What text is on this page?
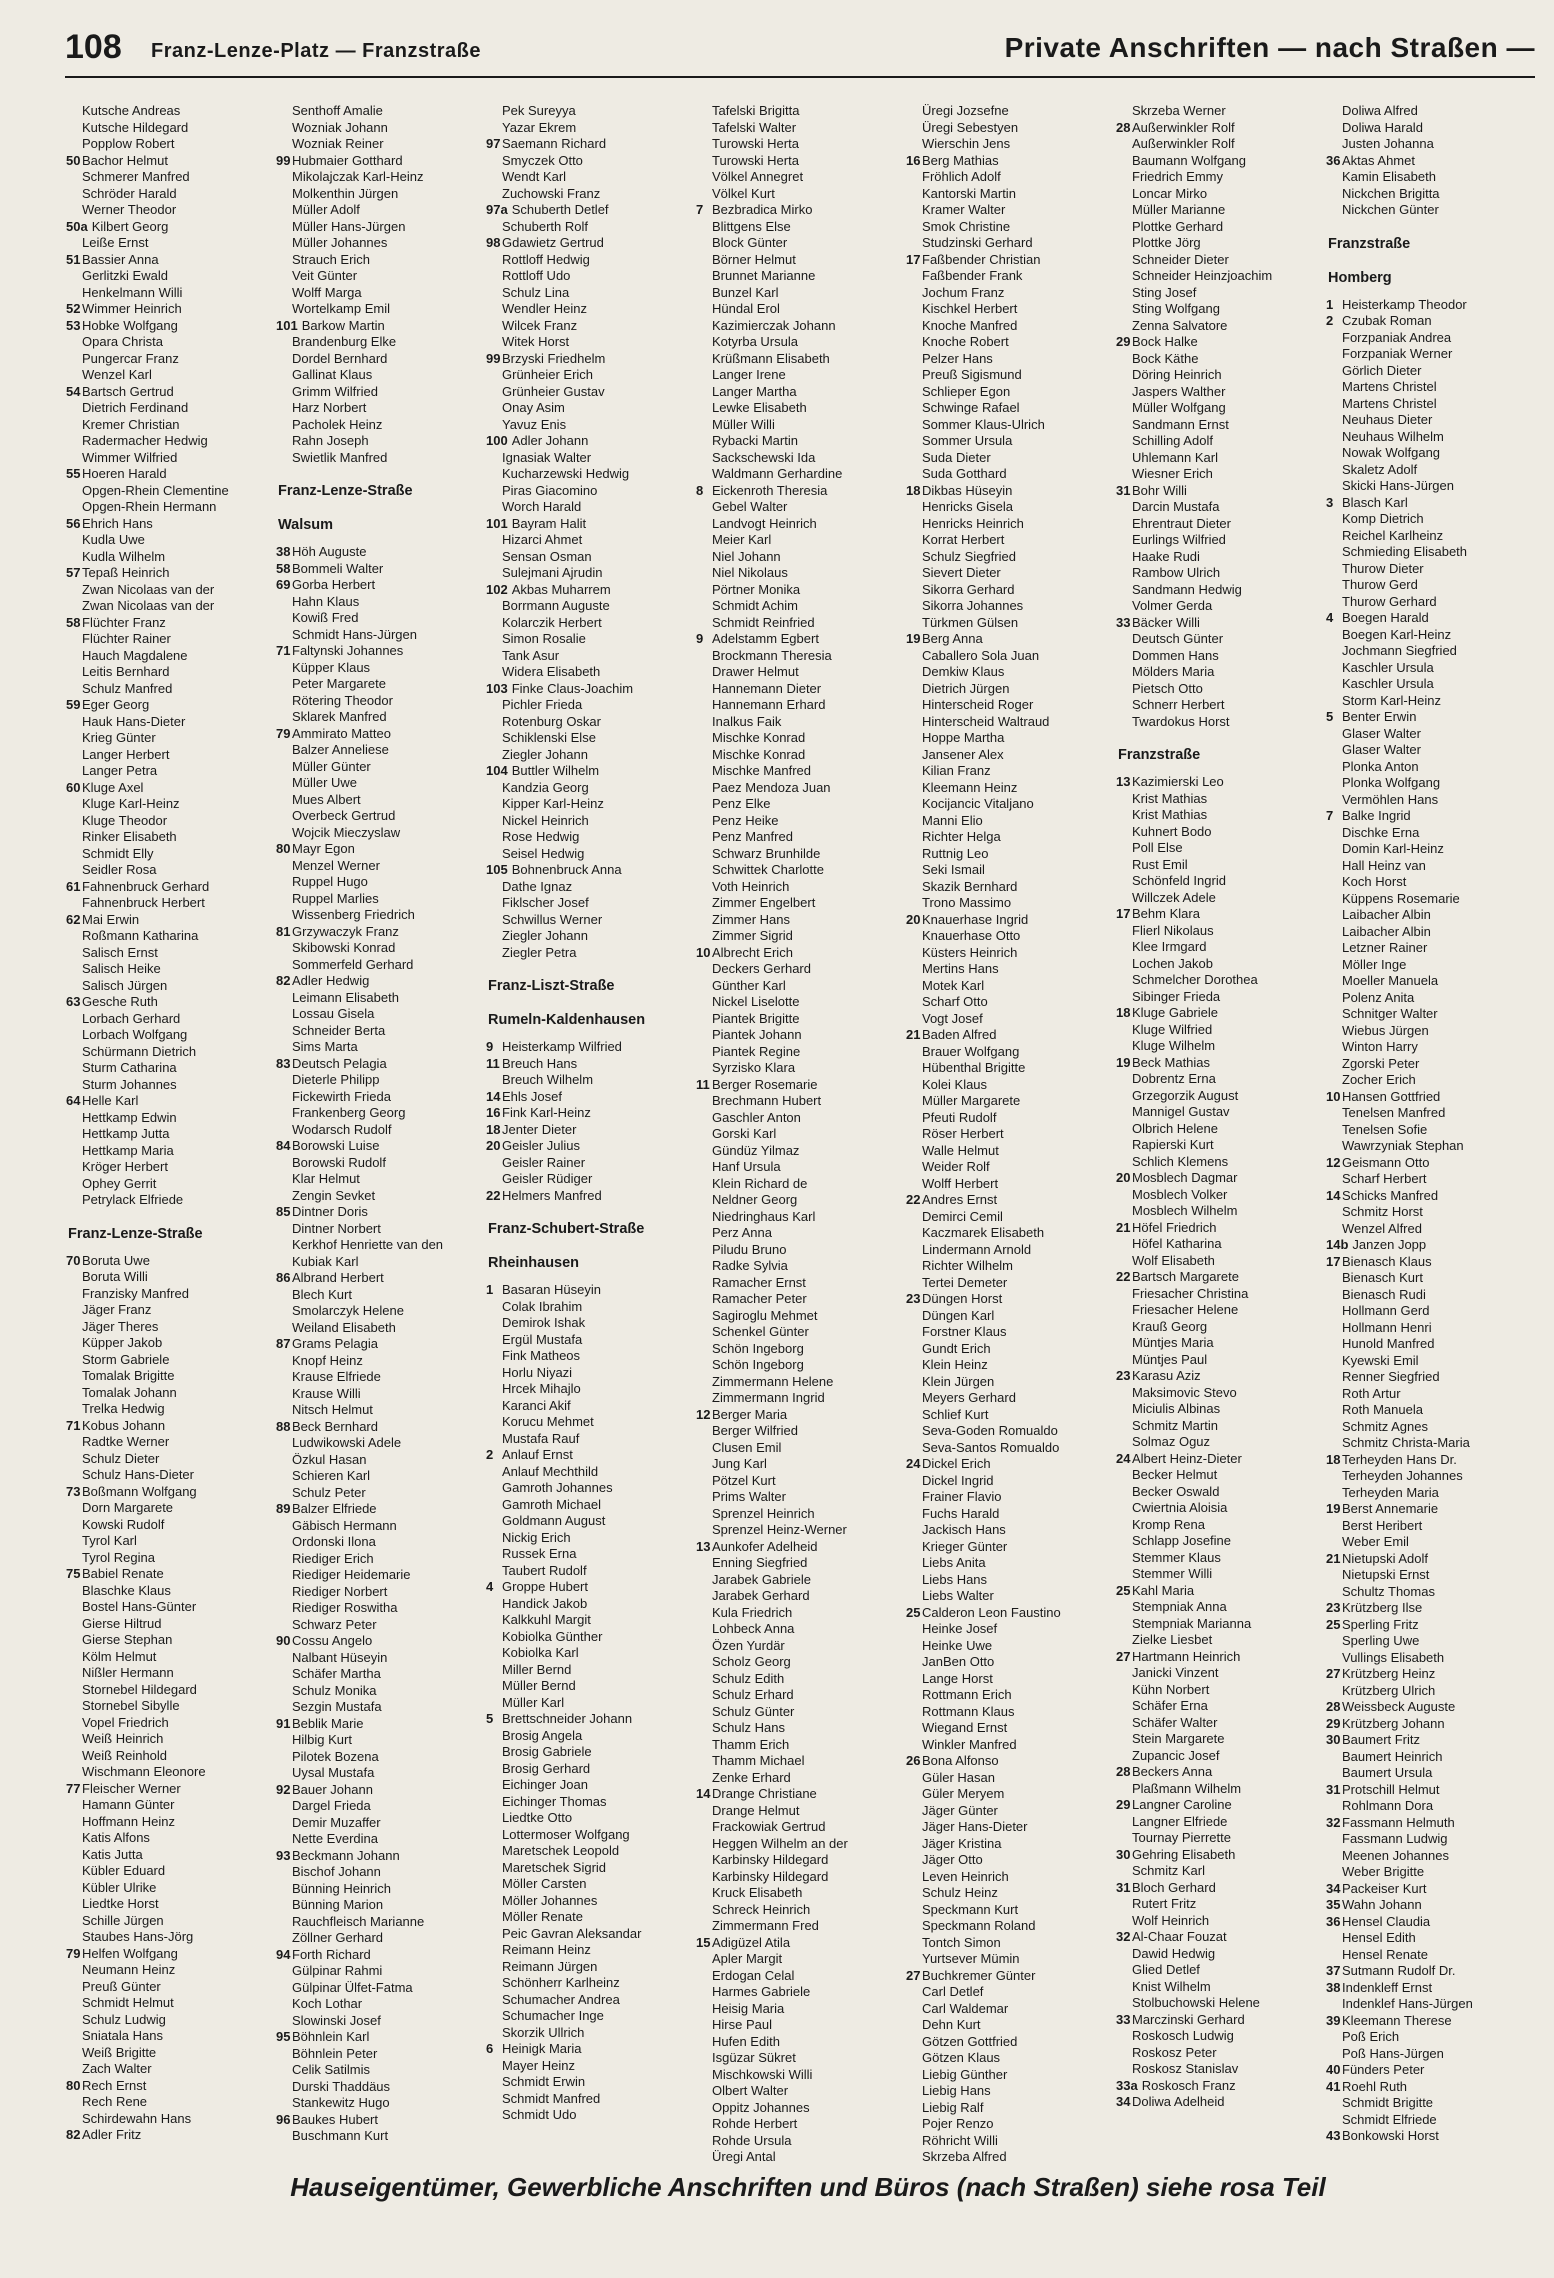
108 Franz-Lenze-Platz — Franzstraße	Private Anschriften — nach Straßen —
Kutsche Andreas
Kutsche Hildegard
Popplow Robert
50 Bachor Helmut
Schmerer Manfred
Schröder Harald
Werner Theodor
50a Kilbert Georg
Leiße Ernst
51 Bassier Anna
Gerlitzki Ewald
Henkelmann Willi
52 Wimmer Heinrich
53 Hobke Wolfgang
Opara Christa
Pungercar Franz
Wenzel Karl
54 Bartsch Gertrud
Dietrich Ferdinand
Kremer Christian
Radermacher Hedwig
Wimmer Wilfried
55 Hoeren Harald
Opgen-Rhein Clementine
Opgen-Rhein Hermann
56 Ehrich Hans
Kudla Uwe
Kudla Wilhelm
57 Tepaß Heinrich
Zwan Nicolaas van der
Zwan Nicolaas van der
58 Flüchter Franz
Flüchter Rainer
Hauch Magdalene
Leitis Bernhard
Schulz Manfred
59 Eger Georg
Hauk Hans-Dieter
Krieg Günter
Langer Herbert
Langer Petra
60 Kluge Axel
Kluge Karl-Heinz
Kluge Theodor
Rinker Elisabeth
Schmidt Elly
Seidler Rosa
61 Fahnenbruck Gerhard
Fahnenbruck Herbert
62 Mai Erwin
Roßmann Katharina
Salisch Ernst
Salisch Heike
Salisch Jürgen
63 Gesche Ruth
Lorbach Gerhard
Lorbach Wolfgang
Schürmann Dietrich
Sturm Catharina
Sturm Johannes
64 Helle Karl
Hettkamp Edwin
Hettkamp Jutta
Hettkamp Maria
Kröger Herbert
Ophey Gerrit
Petrylack Elfriede
Franz-Lenze-Straße
70 Boruta Uwe
Boruta Willi
Franzisky Manfred
Jäger Franz
Jäger Theres
Küpper Jakob
Storm Gabriele
Tomalak Brigitte
Tomalak Johann
Trelka Hedwig
71 Kobus Johann
Radtke Werner
Schulz Dieter
Schulz Hans-Dieter
73 Boßmann Wolfgang
Dorn Margarete
Kowski Rudolf
Tyrol Karl
Tyrol Regina
75 Babiel Renate
Blaschke Klaus
Bostel Hans-Günter
Gierse Hiltrud
Gierse Stephan
Kölm Helmut
Nißler Hermann
Stornebel Hildegard
Stornebel Sibylle
Vopel Friedrich
Weiß Heinrich
Weiß Reinhold
Wischmann Eleonore
77 Fleischer Werner
Hamann Günter
Hoffmann Heinz
Katis Alfons
Katis Jutta
Kübler Eduard
Kübler Ulrike
Liedtke Horst
Schille Jürgen
Staubes Hans-Jörg
79 Helfen Wolfgang
Neumann Heinz
Preuß Günter
Schmidt Helmut
Schulz Ludwig
Sniatala Hans
Weiß Brigitte
Zach Walter
80 Rech Ernst
Rech Rene
Schirdewahn Hans
82 Adler Fritz
Senthoff Amalie
Wozniak Johann
Wozniak Reiner
99 Hubmaier Gotthard
Mikolajczak Karl-Heinz
Molkenthin Jürgen
Müller Adolf
Müller Hans-Jürgen
Müller Johannes
Strauch Erich
Veit Günter
Wolff Marga
Wortelkamp Emil
101 Barkow Martin
Brandenburg Elke
Dordel Bernhard
Gallinat Klaus
Grimm Wilfried
Harz Norbert
Pacholek Heinz
Rahn Joseph
Swietlik Manfred
Franz-Lenze-Straße
Walsum
38 Höh Auguste
58 Bommeli Walter
69 Gorba Herbert
Hahn Klaus
Kowiß Fred
Schmidt Hans-Jürgen
71 Faltynski Johannes
Küpper Klaus
Peter Margarete
Rötering Theodor
Sklarek Manfred
79 Ammirato Matteo
Balzer Anneliese
Müller Günter
Müller Uwe
Mues Albert
Overbeck Gertrud
Wojcik Mieczyslaw
80 Mayr Egon
Menzel Werner
Ruppel Hugo
Ruppel Marlies
Wissenberg Friedrich
81 Grzywaczyk Franz
Skibowski Konrad
Sommerfeld Gerhard
82 Adler Hedwig
Leimann Elisabeth
Lossau Gisela
Schneider Berta
Sims Marta
83 Deutsch Pelagia
Dieterle Philipp
Fickewirth Frieda
Frankenberg Georg
Wodarsch Rudolf
84 Borowski Luise
Borowski Rudolf
Klar Helmut
Zengin Sevket
85 Dintner Doris
Dintner Norbert
Kerkhof Henriette van den
Kubiak Karl
86 Albrand Herbert
Blech Kurt
Smolarczyk Helene
Weiland Elisabeth
87 Grams Pelagia
Knopf Heinz
Krause Elfriede
Krause Willi
Nitsch Helmut
88 Beck Bernhard
Ludwikowski Adele
Özkul Hasan
Schieren Karl
Schulz Peter
89 Balzer Elfriede
Gäbisch Hermann
Ordonski Ilona
Riediger Erich
Riediger Heidemarie
Riediger Norbert
Riediger Roswitha
Schwarz Peter
90 Cossu Angelo
Nalbant Hüseyin
Schäfer Martha
Schulz Monika
Sezgin Mustafa
91 Beblik Marie
Hilbig Kurt
Pilotek Bozena
Uysal Mustafa
92 Bauer Johann
Dargel Frieda
Demir Muzaffer
Nette Everdina
93 Beckmann Johann
Bischof Johann
Bünning Heinrich
Bünning Marion
Rauchfleisch Marianne
Zöllner Gerhard
94 Forth Richard
Gülpinar Rahmi
Gülpinar Ülfet-Fatma
Koch Lothar
Slowinski Josef
95 Böhnlein Karl
Böhnlein Peter
Celik Satilmis
Durski Thaddäus
Stankewitz Hugo
96 Baukes Hubert
Buschmann Kurt
Pek Sureyya
Yazar Ekrem
97 Saemann Richard
Smyczek Otto
Wendt Karl
Zuchowski Franz
97a Schuberth Detlef
Schuberth Rolf
98 Gdawietz Gertrud
Rottloff Hedwig
Rottloff Udo
Schulz Lina
Wendler Heinz
Wilcek Franz
Witek Horst
99 Brzyski Friedhelm
Grünheier Erich
Grünheier Gustav
Onay Asim
Yavuz Enis
100 Adler Johann
Ignasiak Walter
Kucharzewski Hedwig
Piras Giacomino
Worch Harald
101 Bayram Halit
Hizarci Ahmet
Sensan Osman
Sulejmani Ajrudin
102 Akbas Muharrem
Borrmann Auguste
Kolarczik Herbert
Simon Rosalie
Tank Asur
Widera Elisabeth
103 Finke Claus-Joachim
Pichler Frieda
Rotenburg Oskar
Schiklenski Else
Ziegler Johann
104 Buttler Wilhelm
Kandzia Georg
Kipper Karl-Heinz
Nickel Heinrich
Rose Hedwig
Seisel Hedwig
105 Bohnenbruck Anna
Dathe Ignaz
Fiklscher Josef
Schwillus Werner
Ziegler Johann
Ziegler Petra
Franz-Liszt-Straße
Rumeln-Kaldenhausen
9 Heisterkamp Wilfried
11 Breuch Hans
Breuch Wilhelm
14 Ehls Josef
16 Fink Karl-Heinz
18 Jenter Dieter
20 Geisler Julius
Geisler Rainer
Geisler Rüdiger
22 Helmers Manfred
Franz-Schubert-Straße
Rheinhausen
1 Basaran Hüseyin
Colak Ibrahim
Demirok Ishak
Ergül Mustafa
Fink Matheos
Horlu Niyazi
Hrcek Mihajlo
Karanci Akif
Korucu Mehmet
Mustafa Rauf
2 Anlauf Ernst
Anlauf Mechthild
Gamroth Johannes
Gamroth Michael
Goldmann August
Nickig Erich
Russek Erna
Taubert Rudolf
4 Groppe Hubert
Handick Jakob
Kalkkuhl Margit
Kobiolka Günther
Kobiolka Karl
Miller Bernd
Müller Bernd
Müller Karl
5 Brettschneider Johann
Brosig Angela
Brosig Gabriele
Brosig Gerhard
Eichinger Joan
Eichinger Thomas
Liedtke Otto
Lottermoser Wolfgang
Maretschek Leopold
Maretschek Sigrid
Möller Carsten
Möller Johannes
Möller Renate
Peic Gavran Aleksandar
Reimann Heinz
Reimann Jürgen
Schönherr Karlheinz
Schumacher Andrea
Schumacher Inge
Skorzik Ullrich
6 Heinigk Maria
Mayer Heinz
Schmidt Erwin
Schmidt Manfred
Schmidt Udo
Tafelski Brigitta
Tafelski Walter
Turowski Herta
Turowski Herta
Völkel Annegret
Völkel Kurt
7 Bezbradica Mirko
Blittgens Else
Block Günter
Börner Helmut
Brunnet Marianne
Bunzel Karl
Hündal Erol
Kazimierczak Johann
Kotyrba Ursula
Krüßmann Elisabeth
Langer Irene
Langer Martha
Lewke Elisabeth
Müller Willi
Rybacki Martin
Sackschewski Ida
Waldmann Gerhardine
8 Eickenroth Theresia
Gebel Walter
Landvogt Heinrich
Meier Karl
Niel Johann
Niel Nikolaus
Pörtner Monika
Schmidt Achim
Schmidt Reinfried
9 Adelstamm Egbert
Brockmann Theresia
Drawer Helmut
Hannemann Dieter
Hannemann Erhard
Inalkus Faik
Mischke Konrad
Mischke Konrad
Mischke Manfred
Paez Mendoza Juan
Penz Elke
Penz Heike
Penz Manfred
Schwarz Brunhilde
Schwittek Charlotte
Voth Heinrich
Zimmer Engelbert
Zimmer Hans
Zimmer Sigrid
10 Albrecht Erich
Deckers Gerhard
Günther Karl
Nickel Liselotte
Piantek Brigitte
Piantek Johann
Piantek Regine
Syrzisko Klara
11 Berger Rosemarie
Brechmann Hubert
Gaschler Anton
Gorski Karl
Gündüz Yilmaz
Hanf Ursula
Klein Richard de
Neldner Georg
Niedringhaus Karl
Perz Anna
Piludu Bruno
Radke Sylvia
Ramacher Ernst
Ramacher Peter
Sagiroglu Mehmet
Schenkel Günter
Schön Ingeborg
Schön Ingeborg
Zimmermann Helene
Zimmermann Ingrid
12 Berger Maria
Berger Wilfried
Clusen Emil
Jung Karl
Pötzel Kurt
Prims Walter
Sprenzel Heinrich
Sprenzel Heinz-Werner
13 Aunkofer Adelheid
Enning Siegfried
Jarabek Gabriele
Jarabek Gerhard
Kula Friedrich
Lohbeck Anna
Özen Yurdär
Scholz Georg
Schulz Edith
Schulz Erhard
Schulz Günter
Schulz Hans
Thamm Erich
Thamm Michael
Zenke Erhard
14 Drange Christiane
Drange Helmut
Frackowiak Gertrud
Heggen Wilhelm an der
Karbinsky Hildegard
Karbinsky Hildegard
Kruck Elisabeth
Schreck Heinrich
Zimmermann Fred
15 Adigüzel Atila
Apler Margit
Erdogan Celal
Harmes Gabriele
Heisig Maria
Hirse Paul
Hufen Edith
Isgüzar Sükret
Mischkowski Willi
Olbert Walter
Oppitz Johannes
Rohde Herbert
Rohde Ursula
Üregi Antal
Üregi Jozsefne
Üregi Sebestyen
Wierschin Jens
16 Berg Mathias
Fröhlich Adolf
Kantorski Martin
Kramer Walter
Smok Christine
Studzinski Gerhard
17 Faßbender Christian
Faßbender Frank
Jochum Franz
Kischkel Herbert
Knoche Manfred
Knoche Robert
Pelzer Hans
Preuß Sigismund
Schlieper Egon
Schwinge Rafael
Sommer Klaus-Ulrich
Sommer Ursula
Suda Dieter
Suda Gotthard
18 Dikbas Hüseyin
Henricks Gisela
Henricks Heinrich
Korrat Herbert
Schulz Siegfried
Sievert Dieter
Sikorra Gerhard
Sikorra Johannes
Türkmen Gülsen
19 Berg Anna
Caballero Sola Juan
Demkiw Klaus
Dietrich Jürgen
Hinterscheid Roger
Hinterscheid Waltraud
Hoppe Martha
Jansener Alex
Kilian Franz
Kleemann Heinz
Kocijancic Vitaljano
Manni Elio
Richter Helga
Ruttnig Leo
Seki Ismail
Skazik Bernhard
Trono Massimo
20 Knauerhase Ingrid
Knauerhase Otto
Küsters Heinrich
Mertins Hans
Motek Karl
Scharf Otto
Vogt Josef
21 Baden Alfred
Brauer Wolfgang
Hübenthal Brigitte
Kolei Klaus
Müller Margarete
Pfeuti Rudolf
Röser Herbert
Walle Helmut
Weider Rolf
Wolff Herbert
22 Andres Ernst
Demirci Cemil
Kaczmarek Elisabeth
Lindermann Arnold
Richter Wilhelm
Tertei Demeter
23 Düngen Horst
Düngen Karl
Forstner Klaus
Gundt Erich
Klein Heinz
Klein Jürgen
Meyers Gerhard
Schlief Kurt
Seva-Goden Romualdo
Seva-Santos Romualdo
24 Dickel Erich
Dickel Ingrid
Frainer Flavio
Fuchs Harald
Jackisch Hans
Krieger Günter
Liebs Anita
Liebs Hans
Liebs Walter
25 Calderon Leon Faustino
Heinke Josef
Heinke Uwe
JanBen Otto
Lange Horst
Rottmann Erich
Rottmann Klaus
Wiegand Ernst
Winkler Manfred
26 Bona Alfonso
Güler Hasan
Güler Meryem
Jäger Günter
Jäger Hans-Dieter
Jäger Kristina
Jäger Otto
Leven Heinrich
Schulz Heinz
Speckmann Kurt
Speckmann Roland
Tontch Simon
Yurtsever Mümin
27 Buchkremer Günter
Carl Detlef
Carl Waldemar
Dehn Kurt
Götzen Gottfried
Götzen Klaus
Liebig Günther
Liebig Hans
Liebig Ralf
Pojer Renzo
Röhricht Willi
Skrzeba Alfred
Skrzeba Werner
28 Außerwinkler Rolf
Außerwinkler Rolf
Baumann Wolfgang
Friedrich Emmy
Loncar Mirko
Müller Marianne
Plottke Gerhard
Plottke Jörg
Schneider Dieter
Schneider Heinzjoachim
Sting Josef
Sting Wolfgang
Zenna Salvatore
29 Bock Halke
Bock Käthe
Döring Heinrich
Jaspers Walther
Müller Wolfgang
Sandmann Ernst
Schilling Adolf
Uhlemann Karl
Wiesner Erich
31 Bohr Willi
Darcin Mustafa
Ehrentraut Dieter
Eurlings Wilfried
Haake Rudi
Rambow Ulrich
Sandmann Hedwig
Volmer Gerda
33 Bäcker Willi
Deutsch Günter
Dommen Hans
Mölders Maria
Pietsch Otto
Schnerr Herbert
Twardokus Horst
Franzstraße
13 Kazimierski Leo
Krist Mathias
Krist Mathias
Kuhnert Bodo
Poll Else
Rust Emil
Schönfeld Ingrid
Willczek Adele
17 Behm Klara
Flierl Nikolaus
Klee Irmgard
Lochen Jakob
Schmelcher Dorothea
Sibinger Frieda
18 Kluge Gabriele
Kluge Wilfried
Kluge Wilhelm
19 Beck Mathias
Dobrentz Erna
Grzegorzik August
Mannigel Gustav
Olbrich Helene
Rapierski Kurt
Schlich Klemens
20 Mosblech Dagmar
Mosblech Volker
Mosblech Wilhelm
21 Höfel Friedrich
Höfel Katharina
Wolf Elisabeth
22 Bartsch Margarete
Friesacher Christina
Friesacher Helene
Krauß Georg
Müntjes Maria
Müntjes Paul
23 Karasu Aziz
Maksimovic Stevo
Miciulis Albinas
Schmitz Martin
Solmaz Oguz
24 Albert Heinz-Dieter
Becker Helmut
Becker Oswald
Cwiertnia Aloisia
Kromp Rena
Schlapp Josefine
Stemmer Klaus
Stemmer Willi
25 Kahl Maria
Stempniak Anna
Stempniak Marianna
Zielke Liesbet
27 Hartmann Heinrich
Janicki Vinzent
Kühn Norbert
Schäfer Erna
Schäfer Walter
Stein Margarete
Zupancic Josef
28 Beckers Anna
Plaßmann Wilhelm
29 Langner Caroline
Langner Elfriede
Tournay Pierrette
30 Gehring Elisabeth
Schmitz Karl
31 Bloch Gerhard
Rutert Fritz
Wolf Heinrich
32 Al-Chaar Fouzat
Dawid Hedwig
Glied Detlef
Knist Wilhelm
Stolbuchowski Helene
33 Marczinski Gerhard
Roskosch Ludwig
Roskosz Peter
Roskosz Stanislav
33a Roskosch Franz
34 Doliwa Adelheid
Doliwa Alfred
Doliwa Harald
Justen Johanna
36 Aktas Ahmet
Kamin Elisabeth
Nickchen Brigitta
Nickchen Günter
Franzstraße
Homberg
1 Heisterkamp Theodor
2 Czubak Roman
Forzpaniak Andrea
Forzpaniak Werner
Görlich Dieter
Martens Christel
Martens Christel
Neuhaus Dieter
Neuhaus Wilhelm
Nowak Wolfgang
Skaletz Adolf
Skicki Hans-Jürgen
3 Blasch Karl
Komp Dietrich
Reichel Karlheinz
Schmieding Elisabeth
Thurow Dieter
Thurow Gerd
Thurow Gerhard
4 Boegen Harald
Boegen Karl-Heinz
Jochmann Siegfried
Kaschler Ursula
Kaschler Ursula
Storm Karl-Heinz
5 Benter Erwin
Glaser Walter
Glaser Walter
Plonka Anton
Plonka Wolfgang
Vermöhlen Hans
7 Balke Ingrid
Dischke Erna
Domin Karl-Heinz
Hall Heinz van
Koch Horst
Küppens Rosemarie
Laibacher Albin
Laibacher Albin
Letzner Rainer
Möller Inge
Moeller Manuela
Polenz Anita
Schnitger Walter
Wiebus Jürgen
Winton Harry
Zgorski Peter
Zocher Erich
10 Hansen Gottfried
Tenelsen Manfred
Tenelsen Sofie
Wawrzyniak Stephan
12 Geismann Otto
Scharf Herbert
14 Schicks Manfred
Schmitz Horst
Wenzel Alfred
14b Janzen Jopp
17 Bienasch Klaus
Bienasch Kurt
Bienasch Rudi
Hollmann Gerd
Hollmann Henri
Hunold Manfred
Kyewski Emil
Renner Siegfried
Roth Artur
Roth Manuela
Schmitz Agnes
Schmitz Christa-Maria
18 Terheyden Hans Dr.
Terheyden Johannes
Terheyden Maria
19 Berst Annemarie
Berst Heribert
Weber Emil
21 Nietupski Adolf
Nietupski Ernst
Schultz Thomas
23 Krützberg Ilse
25 Sperling Fritz
Sperling Uwe
Vullings Elisabeth
27 Krützberg Heinz
Krützberg Ulrich
28 Weissbeck Auguste
29 Krützberg Johann
30 Baumert Fritz
Baumert Heinrich
Baumert Ursula
31 Protschill Helmut
Rohlmann Dora
32 Fassmann Helmuth
Fassmann Ludwig
Meenen Johannes
Weber Brigitte
34 Packeiser Kurt
35 Wahn Johann
36 Hensel Claudia
Hensel Edith
Hensel Renate
37 Sutmann Rudolf Dr.
38 Indenkleff Ernst
Indenklef Hans-Jürgen
39 Kleemann Therese
Poß Erich
Poß Hans-Jürgen
40 Fünders Peter
41 Roehl Ruth
Schmidt Brigitte
Schmidt Elfriede
43 Bonkowski Horst
Hauseigentümer, Gewerbliche Anschriften und Büros (nach Straßen) siehe rosa Teil
